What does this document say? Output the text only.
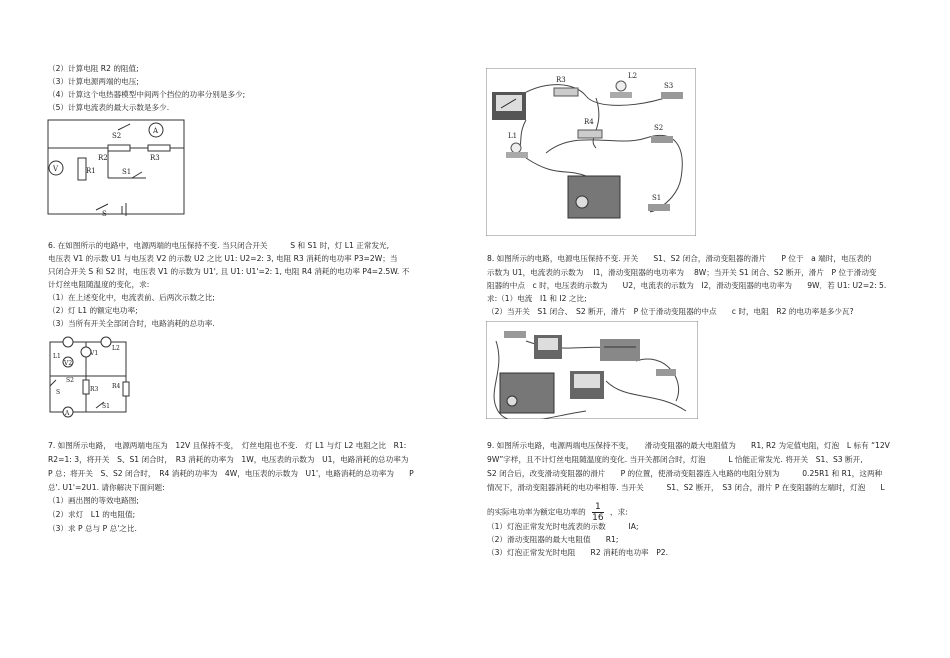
（2）计算电阻 R2 的阻值;
（3）计算电源两端的电压;
（4）计算这个电热器模型中间两个挡位的功率分别是多少;
（5）计算电流表的最大示数是多少.
S2
A
V	R1
R2	R3
S1
S
6. 在如图所示的电路中，电源两端的电压保持不变. 当只闭合开关　　　S 和 S1 时，灯 L1 正常发光,
电压表 V1 的示数 U1 与电压表 V2 的示数 U2 之比 U1: U2=2: 3, 电阻 R3 消耗的电功率 P3=2W；当
只闭合开关 S 和 S2 时，电压表 V1 的示数为 U1', 且 U1: U1'=2: 1, 电阻 R4 消耗的电功率 P4=2.5W. 不
计灯丝电阻随温度的变化，求:
（1）在上述变化中，电流表前、后两次示数之比;
（2）灯 L1 的额定电功率;
（3）当所有开关全部闭合时，电路消耗的总功率.
L1	V1
L2
V2
S2
S	R3 R4
A
S1
7. 如图所示电路，　电源两端电压为　12V 且保持不变，　灯丝电阻也不变.　灯 L1 与灯 L2 电阻之比　R1:
R2=1: 3，将开关　S、S1 闭合时，　R3 消耗的功率为　1W，电压表的示数为　U1，电路消耗的总功率为
P 总；将开关　S、S2 闭合时，　R4 消耗的功率为　4W，电压表的示数为　U1'，电路消耗的总功率为　　P
总'. U1'=2U1. 请你解决下面问题:
（1）画出图的等效电路图;
（2）求灯　L1 的电阻值;
（3）求 P 总与 P 总'之比.
R3	L2
S3
L1
R4
S2
S1
8. 如图所示的电路，电源电压保持不变. 开关　　S1、S2 闭合，滑动变阻器的滑片　　P 位于　a 端时，电压表的
示数为 U1，电流表的示数为　 I1，滑动变阻器的电功率为　 8W；当开关 S1 闭合、S2 断开，滑片　P 位于滑动变
阻器的中点　c 时，电压表的示数为　　U2，电流表的示数为　I2，滑动变阻器的电功率为　　9W．若 U1: U2=2: 5.
求:（1）电流　I1 和 I2 之比;
（2）当开关　S1 闭合、　S2 断开，滑片　P 位于滑动变阻器的中点　　c 时，电阻　R2 的电功率是多少瓦?
9. 如图所示电路，电源两端电压保持不变，　　滑动变阻器的最大电阻值为　　R1, R2 为定值电阻，灯泡　L 标有 “12V
9W”字样，且不计灯丝电阻随温度的变化. 当开关都闭合时，灯泡　　　L 恰能正常发光. 将开关　S1、S3 断开,
S2 闭合后，改变滑动变阻器的滑片　　P 的位置，使滑动变阻器连入电路的电阻分别为　　　0.25R1 和 R1，这两种
情况下，滑动变阻器消耗的电功率相等. 当开关　　　S1、S2 断开，　S3 闭合，滑片 P 在变阻器的左端时，灯泡　　L
的实际电功率为额定电功率的 $\frac{1}{16}$ ，求:
（1）灯泡正常发光时电流表的示数　　　IA;
（2）滑动变阻器的最大电阻值　　R1;
（3）灯泡正常发光时电阻　　R2 消耗的电功率　P2.
